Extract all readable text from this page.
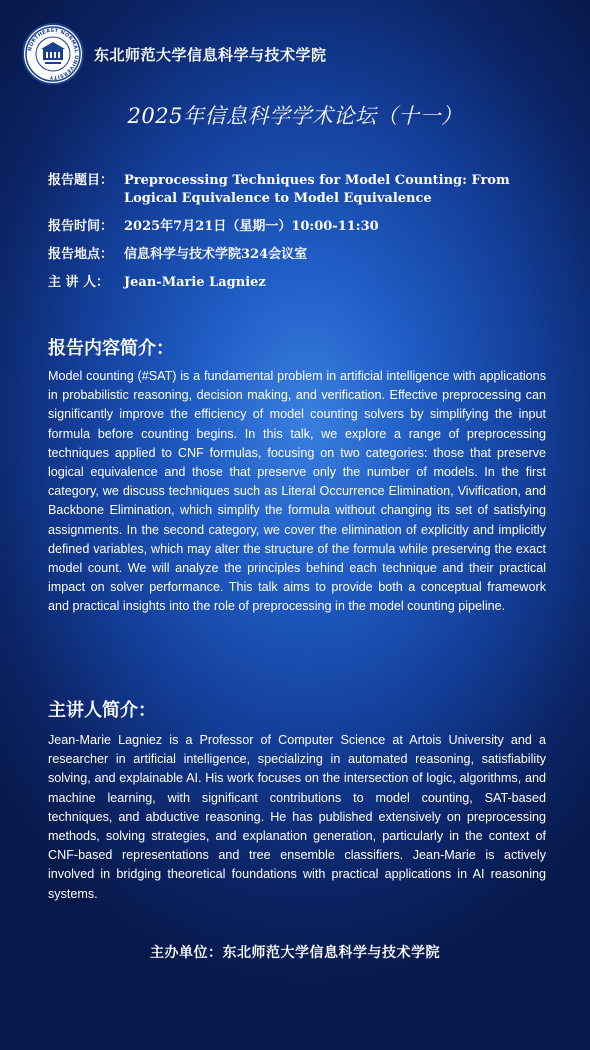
NORTHEAST NORMAL UNIVERSITY
东北师范大学信息科学与技术学院
2025年信息科学学术论坛（十一）
报告题目： Preprocessing Techniques for Model Counting: From Logical Equivalence to Model Equivalence
报告时间： 2025年7月21日（星期一）10:00-11:30
报告地点： 信息科学与技术学院324会议室
主 讲 人：	Jean-Marie Lagniez
报告内容简介：
Model counting (#SAT) is a fundamental problem in artificial intelligence with applications in probabilistic reasoning, decision making, and verification. Effective preprocessing can significantly improve the efficiency of model counting solvers by simplifying the input formula before counting begins. In this talk, we explore a range of preprocessing techniques applied to CNF formulas, focusing on two categories: those that preserve logical equivalence and those that preserve only the number of models. In the first category, we discuss techniques such as Literal Occurrence Elimination, Vivification, and Backbone Elimination, which simplify the formula without changing its set of satisfying assignments. In the second category, we cover the elimination of explicitly and implicitly defined variables, which may alter the structure of the formula while preserving the exact model count. We will analyze the principles behind each technique and their practical impact on solver performance. This talk aims to provide both a conceptual framework and practical insights into the role of preprocessing in the model counting pipeline.
主讲人简介：
Jean-Marie Lagniez is a Professor of Computer Science at Artois University and a researcher in artificial intelligence, specializing in automated reasoning, satisfiability solving, and explainable AI. His work focuses on the intersection of logic, algorithms, and machine learning, with significant contributions to model counting, SAT-based techniques, and abductive reasoning. He has published extensively on preprocessing methods, solving strategies, and explanation generation, particularly in the context of CNF-based representations and tree ensemble classifiers. Jean-Marie is actively involved in bridging theoretical foundations with practical applications in AI reasoning systems.
主办单位：东北师范大学信息科学与技术学院
